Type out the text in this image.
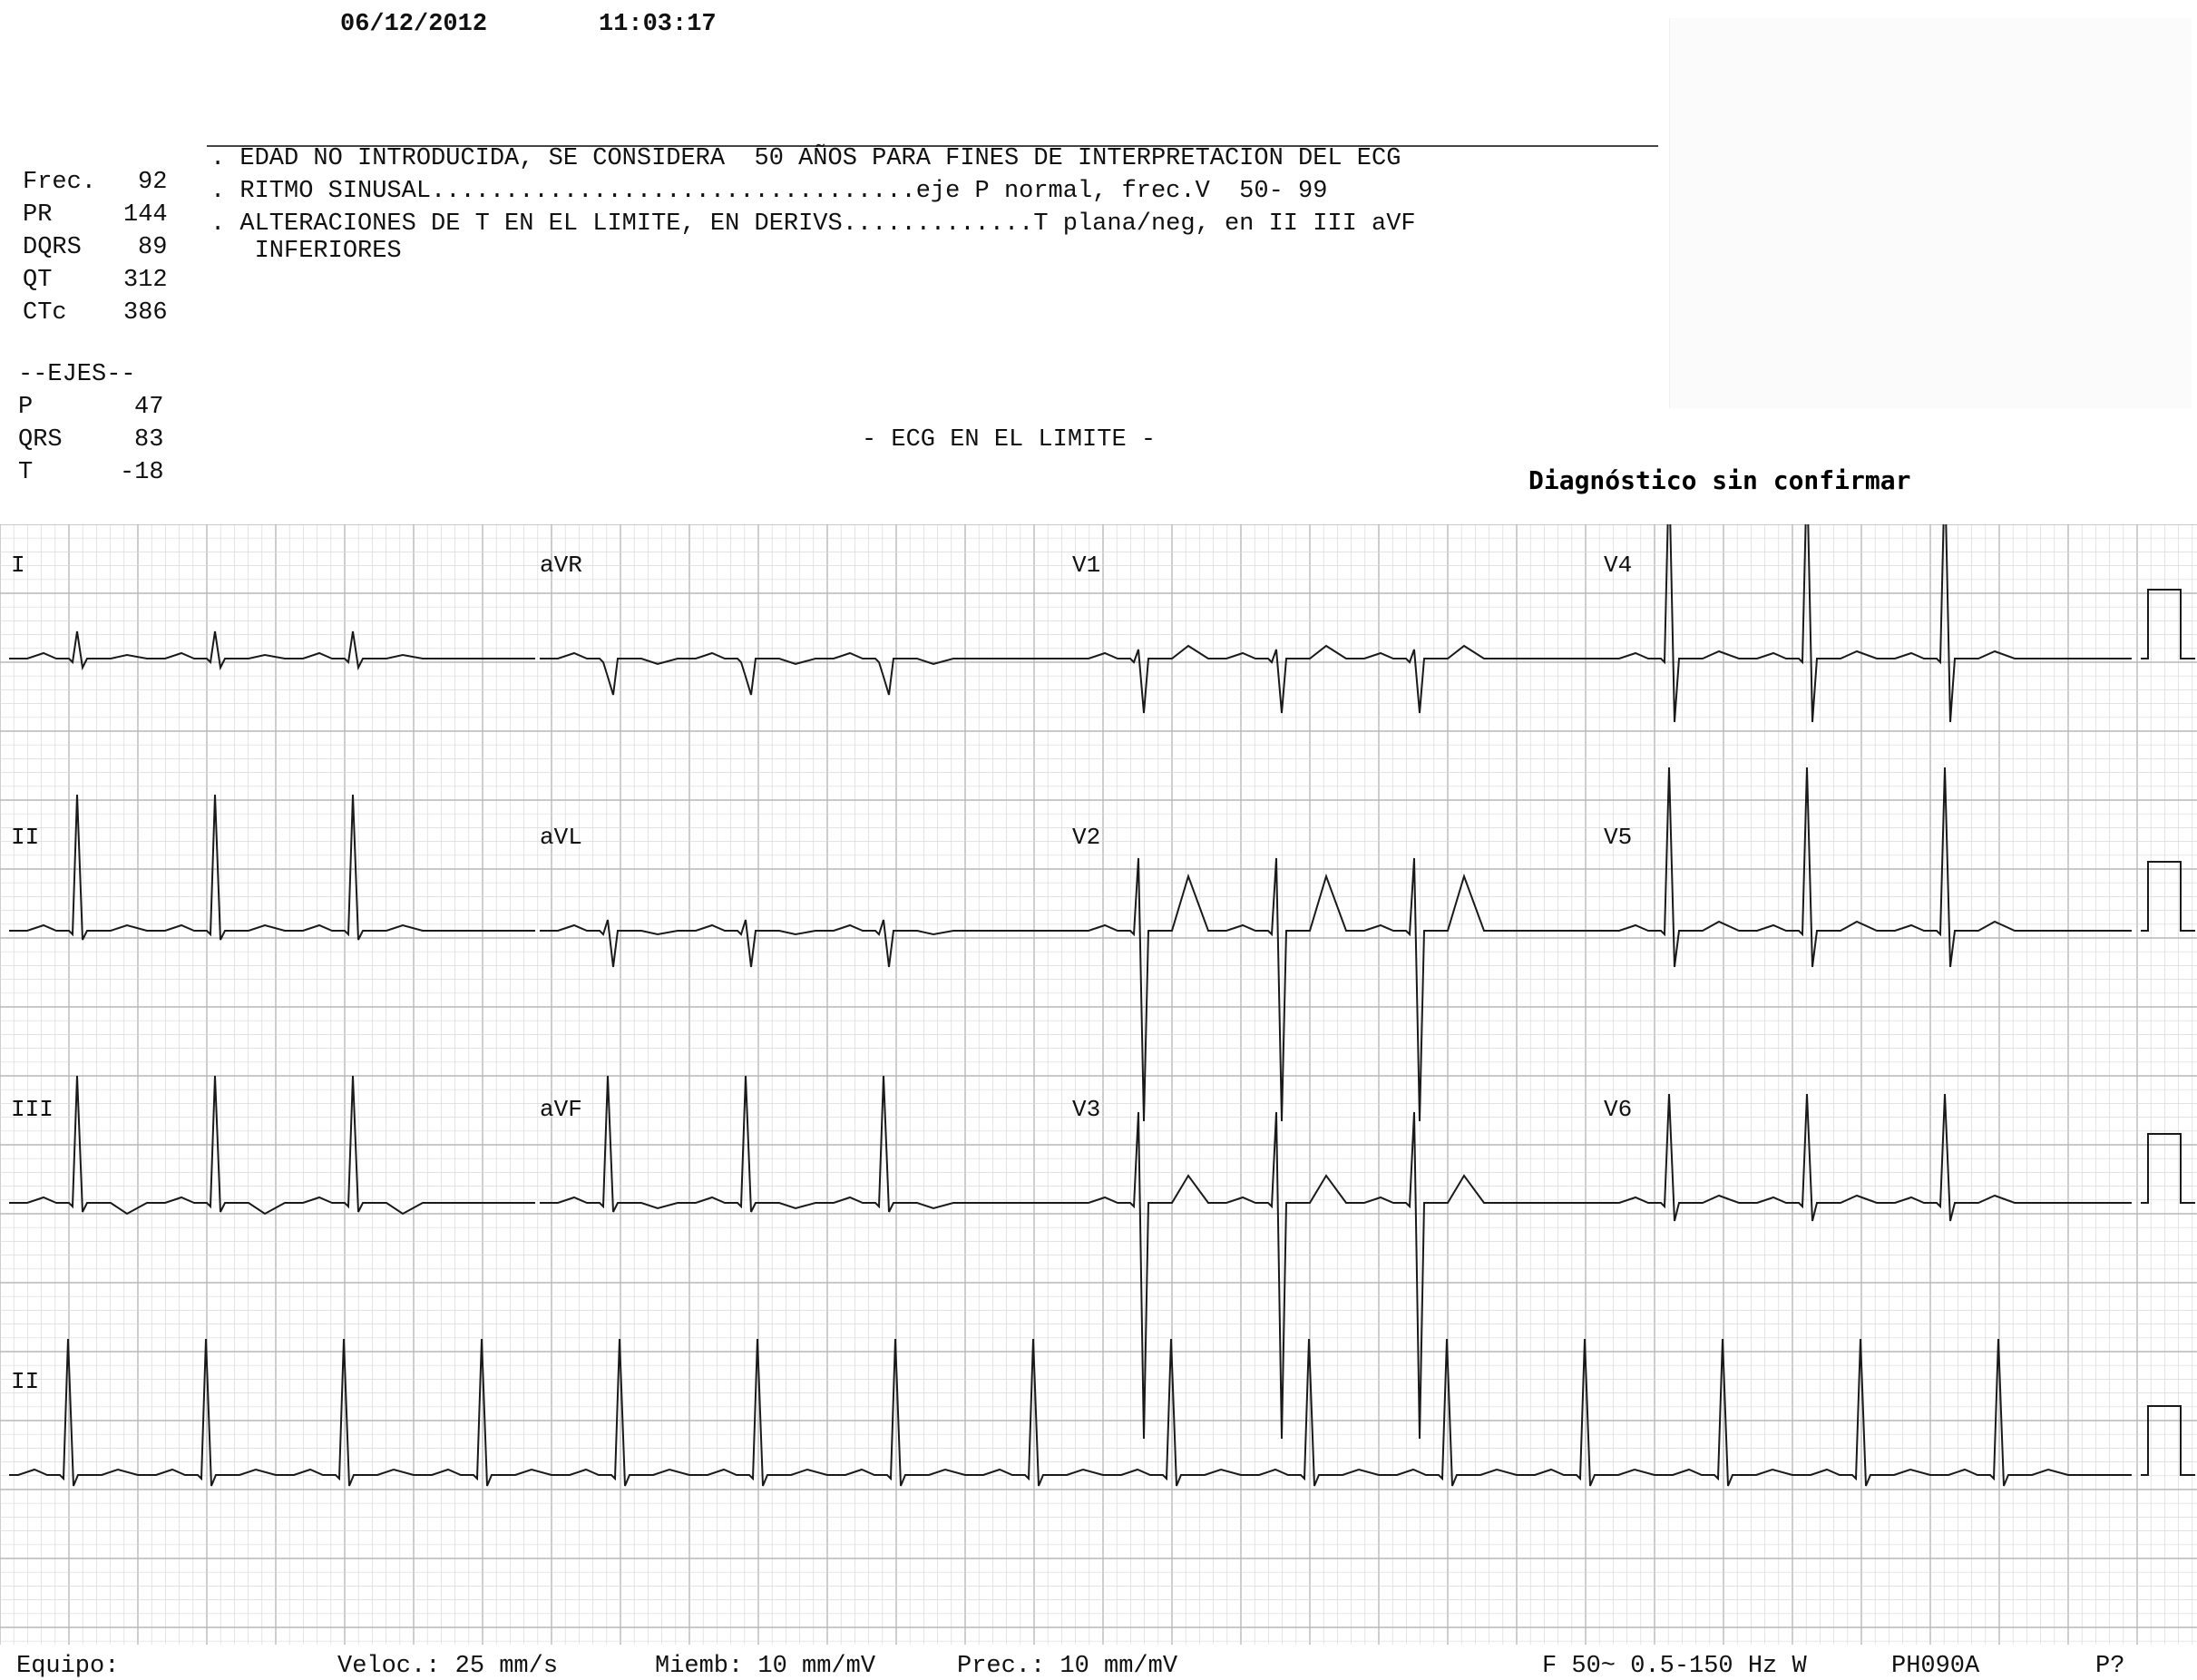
06/12/2012	11:03:17
Frec. 92
PR	144
DQRS 89
QT	312
CTc 386
--EJES--
P	47
QRS	83
T	-18
. EDAD NO INTRODUCIDA, SE CONSIDERA  50 AÑOS PARA FINES DE INTERPRETACION DEL ECG
. RITMO SINUSAL.................................eje P normal, frec.V  50- 99
. ALTERACIONES DE T EN EL LIMITE, EN DERIVS.............T plana/neg, en II III aVF
INFERIORES
- ECG EN EL LIMITE -
Diagnóstico sin confirmar
I	aVR	V1	V4
II	aVL	V2	V5
III	aVF	V3	V6
II
Equipo:	Veloc.: 25 mm/s	Miemb: 10 mm/mV	Prec.: 10 mm/mV	F 50~ 0.5-150 Hz W	PH090A	P?
